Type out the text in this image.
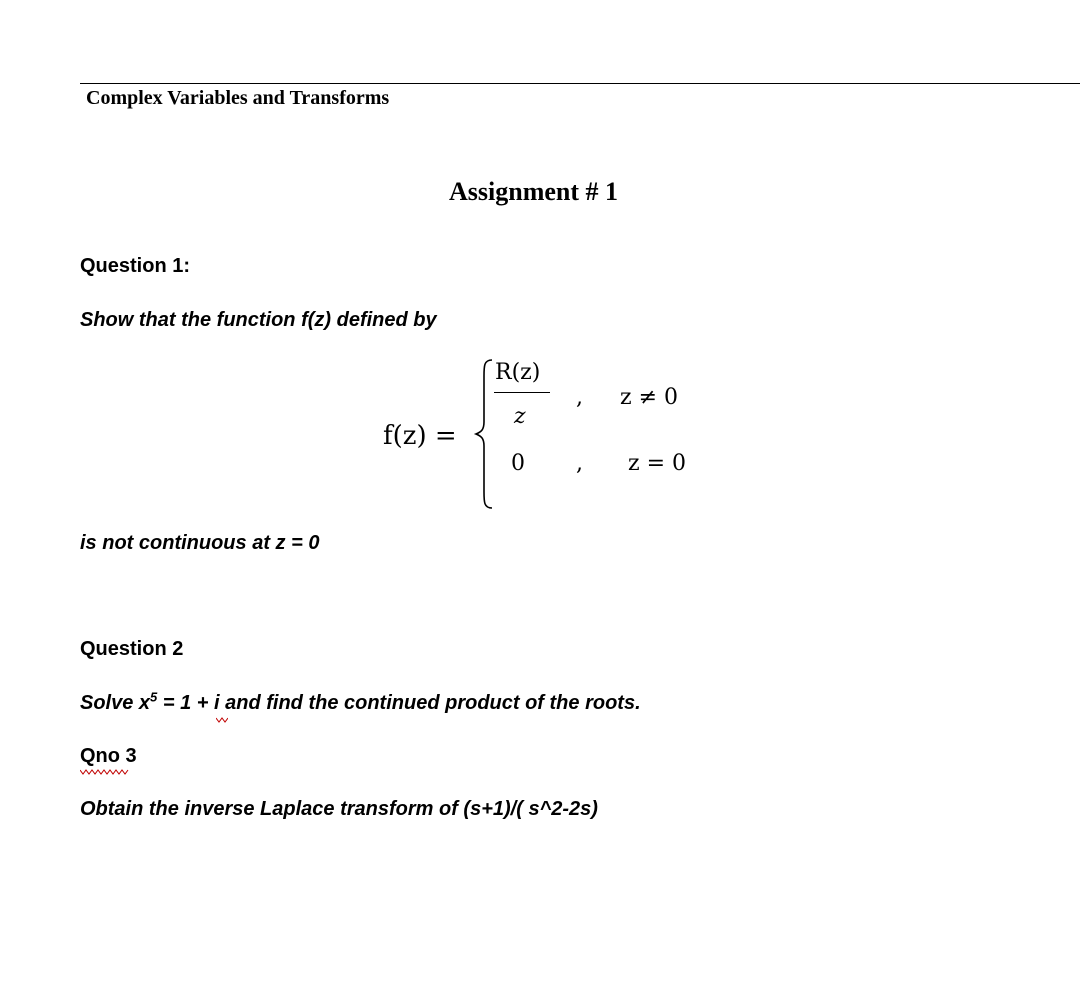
Complex Variables and Transforms
Assignment # 1
Question 1:
Show that the function f(z) defined by
f(z) =
R(z)
z
, z ≠ 0
0 , z = 0
is not continuous at z = 0
Question 2
Solve $x^5 = 1 + i$ and find the continued product of the roots.
Qno 3
Obtain the inverse Laplace transform of (s+1)/( s^2-2s)
